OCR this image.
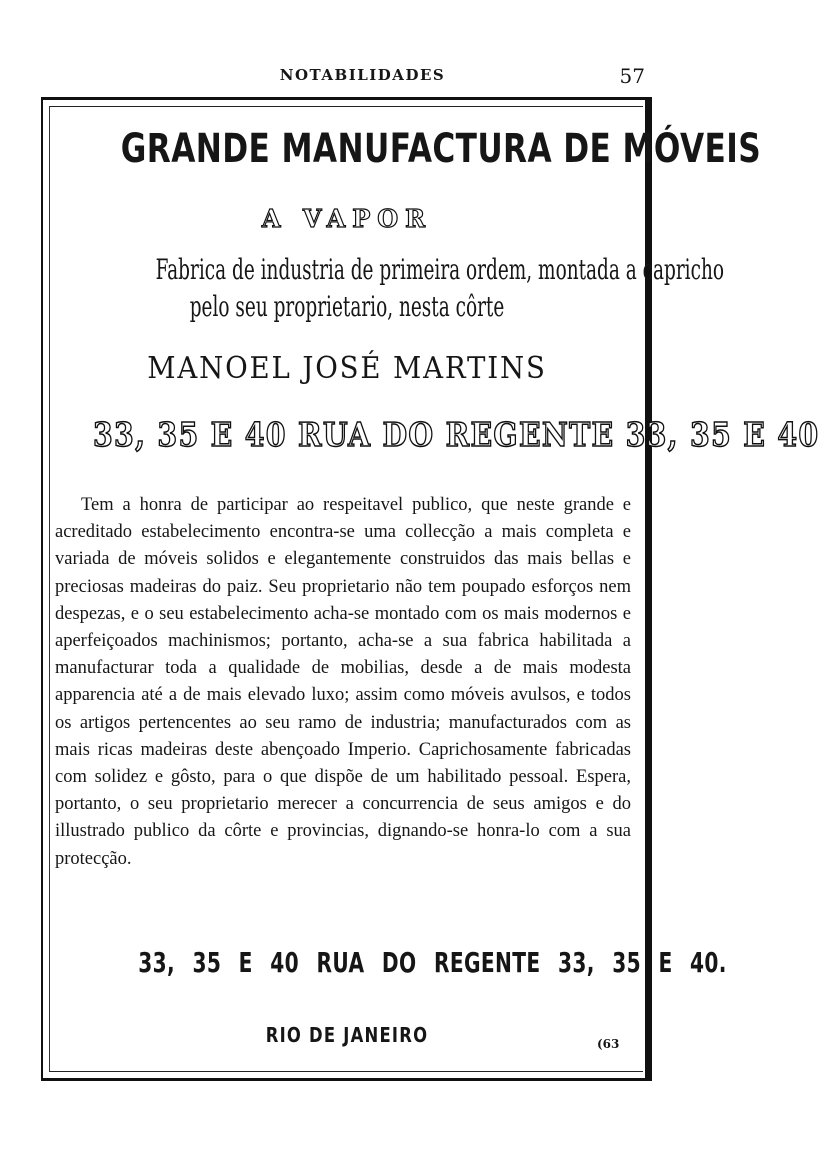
NOTABILIDADES	57
GRANDE MANUFACTURA DE MÓVEIS
A VAPOR
Fabrica de industria de primeira ordem, montada a capricho
pelo seu proprietario, nesta côrte
MANOEL JOSÉ MARTINS
33, 35 E 40 RUA DO REGENTE 33, 35 E 40

Tem a honra de participar ao respeitavel publico, que neste grande e acreditado estabelecimento encontra-se uma collecção a mais completa e variada de móveis solidos e elegantemente construidos das mais bellas e preciosas madeiras do paiz. Seu proprietario não tem poupado esforços nem despezas, e o seu estabelecimento acha-se montado com os mais modernos e aperfeiçoados machinismos; portanto, acha-se a sua fabrica habilitada a manufacturar toda a qualidade de mobilias, desde a de mais modesta apparencia até a de mais elevado luxo; assim como móveis avulsos, e todos os artigos pertencentes ao seu ramo de industria; manufacturados com as mais ricas madeiras deste abençoado Imperio. Caprichosamente fabricadas com solidez e gôsto, para o que dispõe de um habilitado pessoal. Espera, portanto, o seu proprietario merecer a concurrencia de seus amigos e do illustrado publico da côrte e provincias, dignando-se honra-lo com a sua protecção.

33, 35 E 40 RUA DO REGENTE 33, 35 E 40.
RIO DE JANEIRO	(63
